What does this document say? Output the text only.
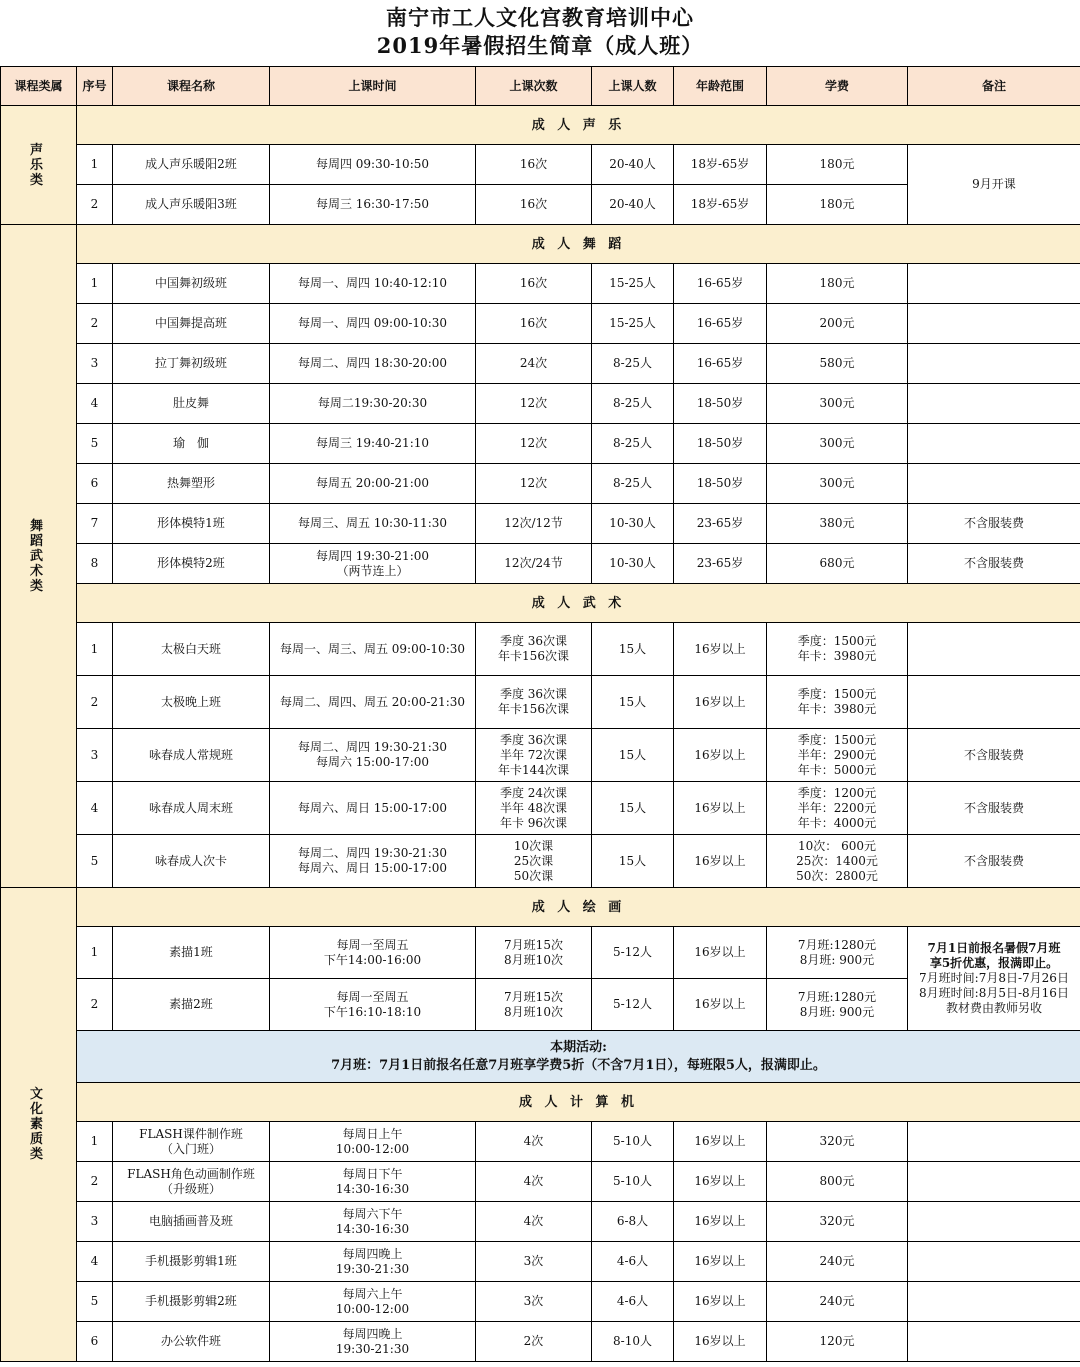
南宁市工人文化宫教育培训中心
2019年暑假招生简章（成人班）
课程类属	序号	课程名称	上课时间	上课次数	上课人数	年龄范围	学费	备注

声
乐
类	成 人 声 乐							
	1	成人声乐暖阳2班	每周四 09:30-10:50	16次	20-40人	18岁-65岁	180元	9月开课
	2	成人声乐暖阳3班	每周三 16:30-17:50	16次	20-40人	18岁-65岁	180元	

舞
蹈
武
术
类	成 人 舞 蹈							
	1	中国舞初级班	每周一、周四 10:40-12:10	16次	15-25人	16-65岁	180元	
	2	中国舞提高班	每周一、周四 09:00-10:30	16次	15-25人	16-65岁	200元	
	3	拉丁舞初级班	每周二、周四 18:30-20:00	24次	8-25人	16-65岁	580元	
	4	肚皮舞	每周二19:30-20:30	12次	8-25人	18-50岁	300元	
	5	瑜　伽	每周三 19:40-21:10	12次	8-25人	18-50岁	300元	
	6	热舞塑形	每周五 20:00-21:00	12次	8-25人	18-50岁	300元	
	7	形体模特1班	每周三、周五 10:30-11:30	12次/12节	10-30人	23-65岁	380元	不含服装费
	8	形体模特2班	每周四 19:30-21:00
（两节连上）	12次/24节	10-30人	23-65岁	680元	不含服装费
	成 人 武 术							
	1	太极白天班	每周一、周三、周五 09:00-10:30	季度 36次课
年卡156次课	15人	16岁以上	季度：1500元
年卡：3980元	

	2	太极晚上班	每周二、周四、周五 20:00-21:30	季度 36次课
年卡156次课	15人	16岁以上	季度：1500元
年卡：3980元	

	3	咏春成人常规班	每周二、周四 19:30-21:30
每周六 15:00-17:00	季度 36次课
半年 72次课
年卡144次课	15人	16岁以上	季度：1500元
半年：2900元
年卡：5000元	不含服装费
	4	咏春成人周末班	每周六、周日 15:00-17:00	季度 24次课
半年 48次课
年卡 96次课	15人	16岁以上	季度：1200元
半年：2200元
年卡：4000元	不含服装费
	5	咏春成人次卡	每周二、周四 19:30-21:30
每周六、周日 15:00-17:00	10次课
25次课
50次课	15人	16岁以上	10次： 600元
25次：1400元
50次：2800元	不含服装费

文
化
素
质
类	成 人 绘 画							
	1	素描1班	每周一至周五
下午14:00-16:00	7月班15次
8月班10次	5-12人	16岁以上	7月班:1280元
8月班: 900元	7月1日前报名暑假7月班
享5折优惠，报满即止。
7月班时间:7月8日-7月26日
8月班时间:8月5日-8月16日
教材费由教师另收

	2	素描2班	每周一至周五
下午16:10-18:10	7月班15次
8月班10次	5-12人	16岁以上	7月班:1280元
8月班: 900元	

	本期活动:
7月班：7月1日前报名任意7月班享学费5折（不含7月1日），每班限5人，报满即止。							

	成 人 计 算 机							
	1	FLASH课件制作班
（入门班）	每周日上午
10:00-12:00	4次	5-10人	16岁以上	320元	
	2	FLASH角色动画制作班
（升级班）	每周日下午
14:30-16:30	4次	5-10人	16岁以上	800元	
	3	电脑插画普及班	每周六下午
14:30-16:30	4次	6-8人	16岁以上	320元	
	4	手机摄影剪辑1班	每周四晚上
19:30-21:30	3次	4-6人	16岁以上	240元	
	5	手机摄影剪辑2班	每周六上午
10:00-12:00	3次	4-6人	16岁以上	240元	
	6	办公软件班	每周四晚上
19:30-21:30	2次	8-10人	16岁以上	120元	
